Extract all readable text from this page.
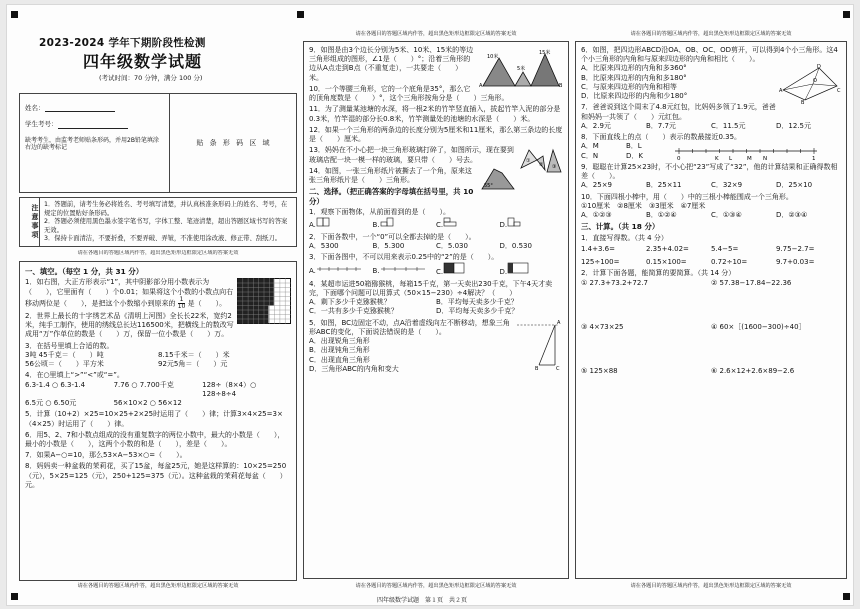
2023-2024 学年下期阶段性检测
四年级数学试题
(考试时间：70 分钟，满分 100 分)
姓名：
学生考号：
缺考考生，由监考老师贴条形码，并用2B铅笔填涂右边的缺考标记
贴 条 形 码 区 域
注意事项 1．答题前，请考生务必将姓名、考号填写清楚，并认真核准条形码上的姓名、考号，在规定的位置贴好条形码。
2．答题必须使用黑色墨水签字笔书写，字体工整、笔迹清楚，超出答题区域书写的答案无效。
3．保持卡面清洁，不要折叠，不要弄破、弄皱，不准使用涂改液、修正带、刮纸刀。
请在各题目的答题区域内作答，超出黑色矩形边框限定区域的答案无效
一、填空。（每空 1 分，共 31 分）
1．如右图，大正方形表示“1”，其中阴影部分用小数表示为（　　），它里面有（　　）个0.01；如果将这个小数的小数点向右移动两位是（　　），是把这个小数缩小到原来的 $\frac{1}{10}$ 是（　　）。
2．世界上最长的十字绣艺术品《清明上河图》全长长22米，宽约2米，纯手工制作，使用的绣线总长达116500米，把横线上的数改写成用“万”作单位的数是（　　）万，保留一位小数是（　　）万。
3．在括号里填上合适的数。
3吨 45千克＝（　　）吨	8.15千米＝（　　）米
56公顷＝（　　）平方米	92元5角＝（　　）元
4．在○里填上“>”“<”或“=”。
6.3-1.4 ○ 6.3-1.4	7.76 ○ 7.700千克	128÷（8×4）○ 128÷8÷4
6.5元 ○ 6.50元	56×10×2 ○ 56×12
5．计算（10+2）×25=10×25+2×25时运用了（　　）律；计算3×4×25=3×（4×25）时运用了（　　）律。
6．用5、2、7和小数点组成的没有重复数字的两位小数中，最大的小数是（　　），最小的小数是（　　），这两个小数的和是（　　），差是（　　）。
7．如果A−○=10，那么53×A−53×○=（　　）。
8．妈妈卖一种盆栽的茉莉花，买了15盆，每盆25元，她是这样算的：10×25=250（元），5×25=125（元），250+125=375（元）。这种盆栽的茉莉花每盆（　　）元。
请在各题目的答题区域内作答，超出黑色矩形边框限定区域的答案无效
10米
15米
5米
A	B
9．如图是由3个边长分别为5米、10米、15米的等边三角形组成的图形，∠1是（　　）°；沿着三角形的边从A点走到B点（不重复走），一共要走（　　）米。
10．一个等腰三角形，它的一个底角是35°，那么它的顶角度数是（　　）°，这个三角形按角分是（　　）三角形。
11．为了测量某池塘的水深，将一根2米的竹竿竖直插入，拔起竹竿入泥的部分是0.3米，竹竿湿的部分长0.8米，竹竿测量处的池塘的水深是（　　）米。
12．如果一个三角形的两条边的长度分别为5厘米和11厘米，那么第三条边的长度是（　　）厘米。
①
② ③
13．妈妈在不小心把一块三角形玻璃打碎了，如图所示，现在要到玻璃店配一块一模一样的玻璃，要只带（　　）号去。
55°
14．如图，一张三角形纸片被撕去了一个角，原来这张三角形纸片是（　　）三角形。
二、选择。（把正确答案的字母填在括号里，共 10 分）
1．观察下面物体，从前面看到的是（　　）。
A.	B.	C.	D.
2．下面各数中，一个“0”可以全都去掉的是（　　）。
A．5300	B．5.300	C．5.030	D．0.530
3．下面各图中，不可以用来表示0.25中的“2”的是（　　）。
A.	B.	C.	D.
4．某超市运进50箱猕猴桃，每箱15千克，第一天卖出230千克，下午4天才卖完，下面哪个问题可以用算式（50×15−230）÷4解决？（　　）
A．剩下多少千克猕猴桃？	B．平均每天卖多少千克？
C．一共有多少千克猕猴桃？	D．平均每天卖多少千克？
A
B	C
5．如图，BC边固定不动，点A沿着虚线向左不断移动，想象三角形ABC的变化，下面说法错误的是（　　）。
A．出现锐角三角形
B．出现钝角三角形
C．出现直角三角形
D．三角形ABC的内角和变大
请在各题目的答题区域内作答，超出黑色矩形边框限定区域的答案无效
6．如图，把四边形ABCD沿OA、OB、OC、OD剪开，可以得到4个小三角形。这4个小三角形的内角和与原来四边形的内角和相比（　　）。
A
D
C
B
O
A．比原来四边形的内角和多360°
B．比原来四边形的内角和多180°
C．与原来四边形的内角和相等
D．比原来四边形的内角和少180°
7．爸爸说到这个周末了4.8元红包，比妈妈多领了1.9元，爸爸和妈妈一共领了（　　）元红包。
A．2.9元	B．7.7元	C．11.5元	D．12.5元
8．下面直线上的点（　　）表示的数最接近0.35。
A．M	B．L
C．N	D．K	0	K L	M N	1
9．聪聪在计算25×23时，不小心把“23”写成了“32”，他的计算结果和正确得数相差（　　）。
A．25×9	B．25×11	C．32×9	D．25×10
10．下面四根小棒中，用（　　）中的三根小棒能围成一个三角形。
①10厘米　②8厘米　③3厘米　④7厘米
A．①②③	B．①②④	C．①③④	D．②③④
三、计算。（共 18 分）
1．直接写得数。（共 4 分）
1.4+3.6=	2.35+4.02=	5.4−5=	9.75−2.7=
125÷100=	0.15×100=	0.72÷10=	9.7+0.03=
2．计算下面各题，能简算的要简算。（共 14 分）
① 27.3+73.2+72.7	② 57.38−17.84−22.36
③ 4×73×25	④ 60×［(1600−300)÷40］
⑤ 125×88	⑥ 2.6×12+2.6×89−2.6
请在各题目的答题区域内作答，超出黑色矩形边框限定区域的答案无效	请在各题目的答题区域内作答，超出黑色矩形边框限定区域的答案无效	请在各题目的答题区域内作答，超出黑色矩形边框限定区域的答案无效
四年级数学试题　第１页　共２页
